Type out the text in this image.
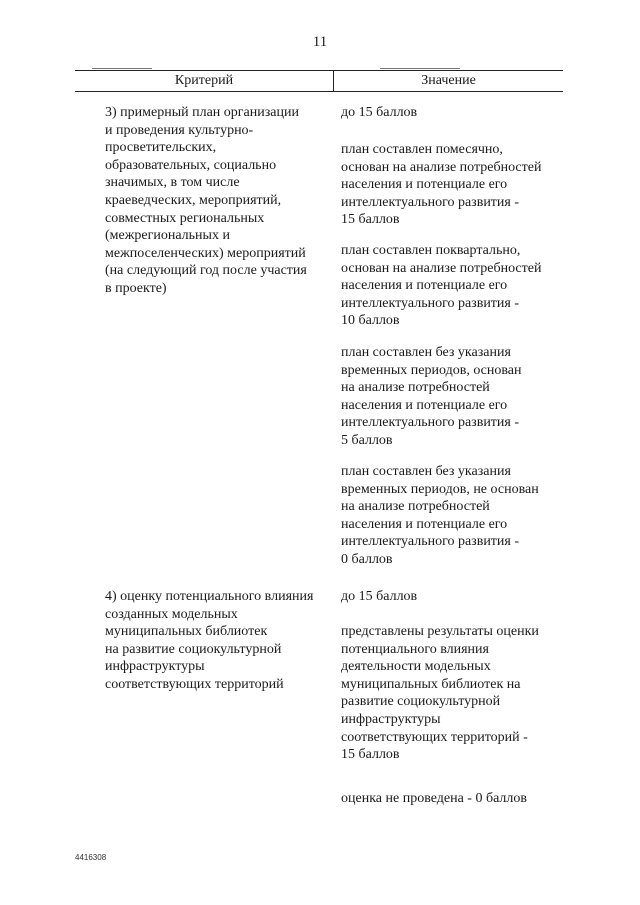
11
Критерий	Значение
3) примерный план организации
и проведения культурно-
просветительских,
образовательных, социально
значимых, в том числе
краеведческих, мероприятий,
совместных региональных
(межрегиональных и
межпоселенческих) мероприятий
(на следующий год после участия
в проекте)
до 15 баллов
план составлен помесячно,
основан на анализе потребностей
населения и потенциале его
интеллектуального развития -
15 баллов
план составлен поквартально,
основан на анализе потребностей
населения и потенциале его
интеллектуального развития -
10 баллов
план составлен без указания
временных периодов, основан
на анализе потребностей
населения и потенциале его
интеллектуального развития -
5 баллов
план составлен без указания
временных периодов, не основан
на анализе потребностей
населения и потенциале его
интеллектуального развития -
0 баллов
4) оценку потенциального влияния
созданных модельных
муниципальных библиотек
на развитие социокультурной
инфраструктуры
соответствующих территорий
до 15 баллов
представлены результаты оценки
потенциального влияния
деятельности модельных
муниципальных библиотек на
развитие социокультурной
инфраструктуры
соответствующих территорий -
15 баллов
оценка не проведена - 0 баллов
4416308
